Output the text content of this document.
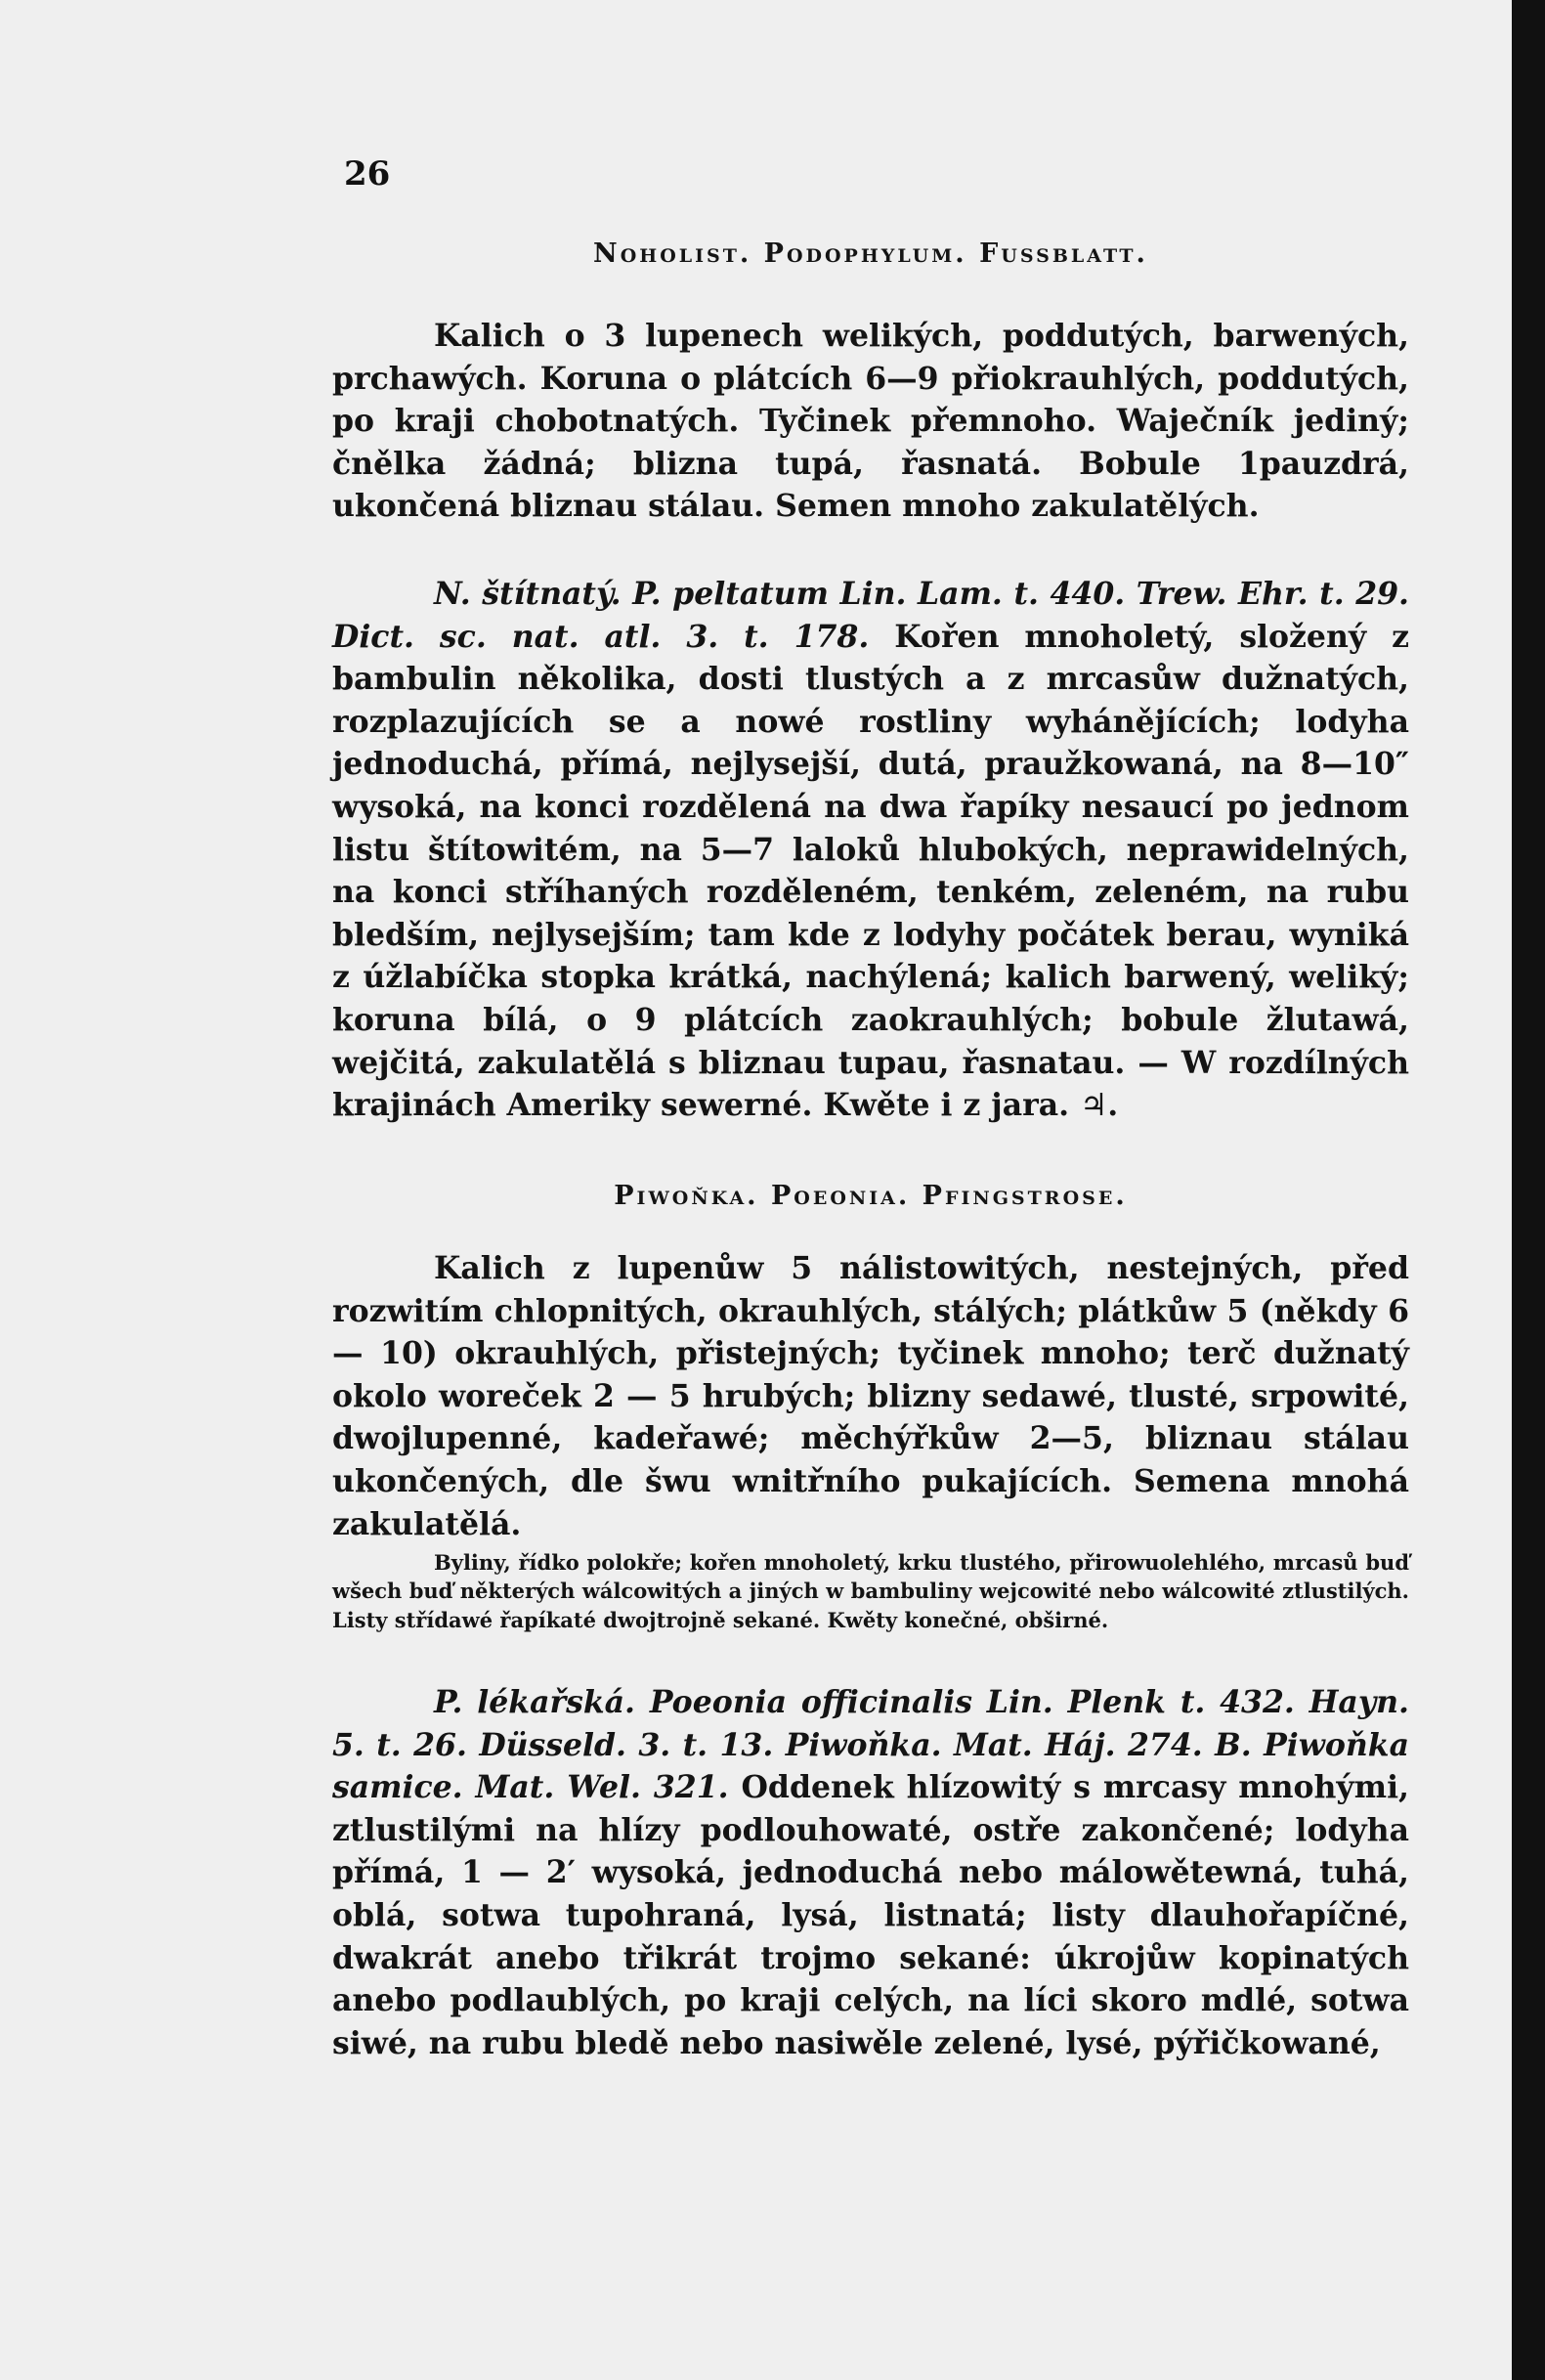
26
Noholist. Podophylum. Fussblatt.
Kalich o 3 lupenech welikých, poddutých, barwených, prchawých. Koruna o plátcích 6—9 přiokrauhlých, poddutých, po kraji chobotnatých. Tyčinek přemnoho. Waječník jediný; čnělka žádná; blizna tupá, řasnatá. Bobule 1pauzdrá, ukončená bliznau stálau. Semen mnoho zakulatělých.
N. štítnatý. P. peltatum Lin. Lam. t. 440. Trew. Ehr. t. 29. Dict. sc. nat. atl. 3. t. 178. Kořen mnoholetý, složený z bambulin několika, dosti tlustých a z mrcasůw dužnatých, rozplazujících se a nowé rostliny wyhánějících; lodyha jednoduchá, přímá, nejlysejší, dutá, praužkowaná, na 8—10″ wysoká, na konci rozdělená na dwa řapíky nesaucí po jednom listu štítowitém, na 5—7 laloků hlubokých, neprawidelných, na konci stříhaných rozděleném, tenkém, zeleném, na rubu bledším, nejlysejším; tam kde z lodyhy počátek berau, wyniká z úžlabíčka stopka krátká, nachýlená; kalich barwený, weliký; koruna bílá, o 9 plátcích zaokrauhlých; bobule žlutawá, wejčitá, zakulatělá s bliznau tupau, řasnatau. — W rozdílných krajinách Ameriky sewerné. Kwěte i z jara. ♃.
Piwoňka. Poeonia. Pfingstrose.
Kalich z lupenůw 5 nálistowitých, nestejných, před rozwitím chlopnitých, okrauhlých, stálých; plátkůw 5 (někdy 6 — 10) okrauhlých, přistejných; tyčinek mnoho; terč dužnatý okolo woreček 2 — 5 hrubých; blizny sedawé, tlusté, srpowité, dwojlupenné, kadeřawé; měchýřkůw 2—5, bliznau stálau ukončených, dle šwu wnitřního pukajících. Semena mnohá zakulatělá.
Byliny, řídko polokře; kořen mnoholetý, krku tlustého, přirowuolehlého, mrcasů buď wšech buď některých wálcowitých a jiných w bambuliny wejcowité nebo wálcowité ztlustilých. Listy střídawé řapíkaté dwojtrojně sekané. Kwěty konečné, obširné.
P. lékařská. Poeonia officinalis Lin. Plenk t. 432. Hayn. 5. t. 26. Düsseld. 3. t. 13. Piwoňka. Mat. Háj. 274. B. Piwoňka samice. Mat. Wel. 321. Oddenek hlízowitý s mrcasy mnohými, ztlustilými na hlízy podlouhowaté, ostře zakončené; lodyha přímá, 1 — 2′ wysoká, jednoduchá nebo málowětewná, tuhá, oblá, sotwa tupohraná, lysá, listnatá; listy dlauhořapíčné, dwakrát anebo třikrát trojmo sekané: úkrojůw kopinatých anebo podlaublých, po kraji celých, na líci skoro mdlé, sotwa siwé, na rubu bledě nebo nasiwěle zelené, lysé, pýřičkowané,
